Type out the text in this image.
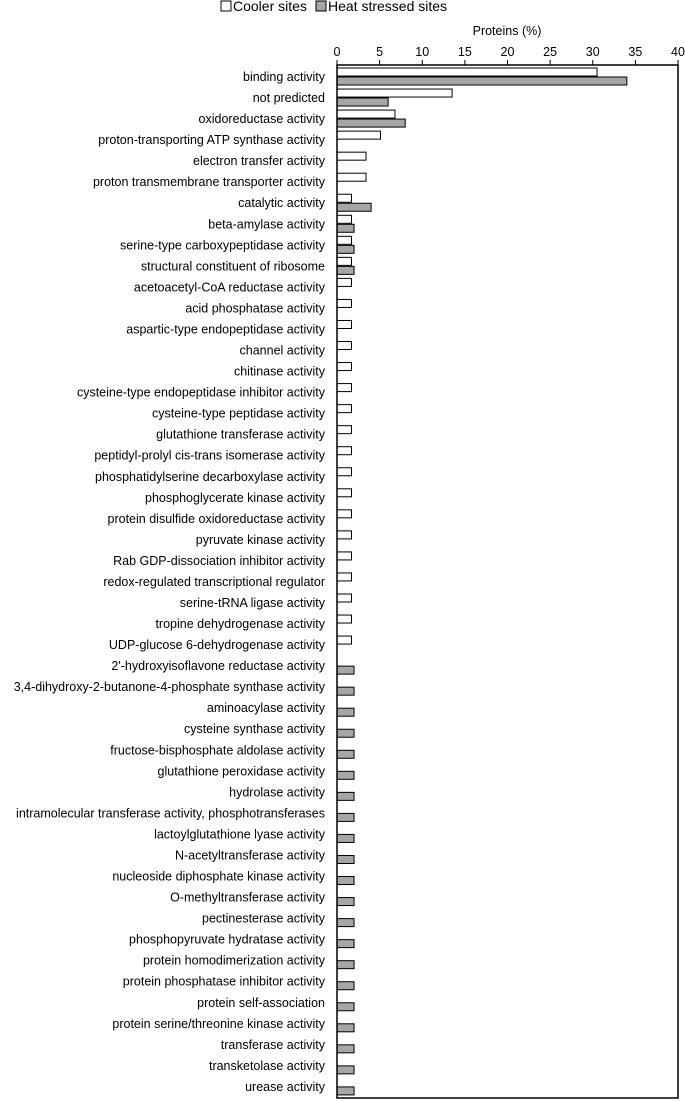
Cooler sites Heat stressed sites
Proteins (%)
0	5	10 15 20 25 30 35 40
binding activity
not predicted
oxidoreductase activity
proton-transporting ATP synthase activity
electron transfer activity
proton transmembrane transporter activity
catalytic activity
beta-amylase activity
serine-type carboxypeptidase activity
structural constituent of ribosome
acetoacetyl-CoA reductase activity
acid phosphatase activity
aspartic-type endopeptidase activity
channel activity
chitinase activity
cysteine-type endopeptidase inhibitor activity
cysteine-type peptidase activity
glutathione transferase activity
peptidyl-prolyl cis-trans isomerase activity
phosphatidylserine decarboxylase activity
phosphoglycerate kinase activity
protein disulfide oxidoreductase activity
pyruvate kinase activity
Rab GDP-dissociation inhibitor activity
redox-regulated transcriptional regulator
serine-tRNA ligase activity
tropine dehydrogenase activity
UDP-glucose 6-dehydrogenase activity
2'-hydroxyisoflavone reductase activity
3,4-dihydroxy-2-butanone-4-phosphate synthase activity
aminoacylase activity
cysteine synthase activity
fructose-bisphosphate aldolase activity
glutathione peroxidase activity
hydrolase activity
intramolecular transferase activity, phosphotransferases
lactoylglutathione lyase activity
N-acetyltransferase activity
nucleoside diphosphate kinase activity
O-methyltransferase activity
pectinesterase activity
phosphopyruvate hydratase activity
protein homodimerization activity
protein phosphatase inhibitor activity
protein self-association
protein serine/threonine kinase activity
transferase activity
transketolase activity
urease activity
